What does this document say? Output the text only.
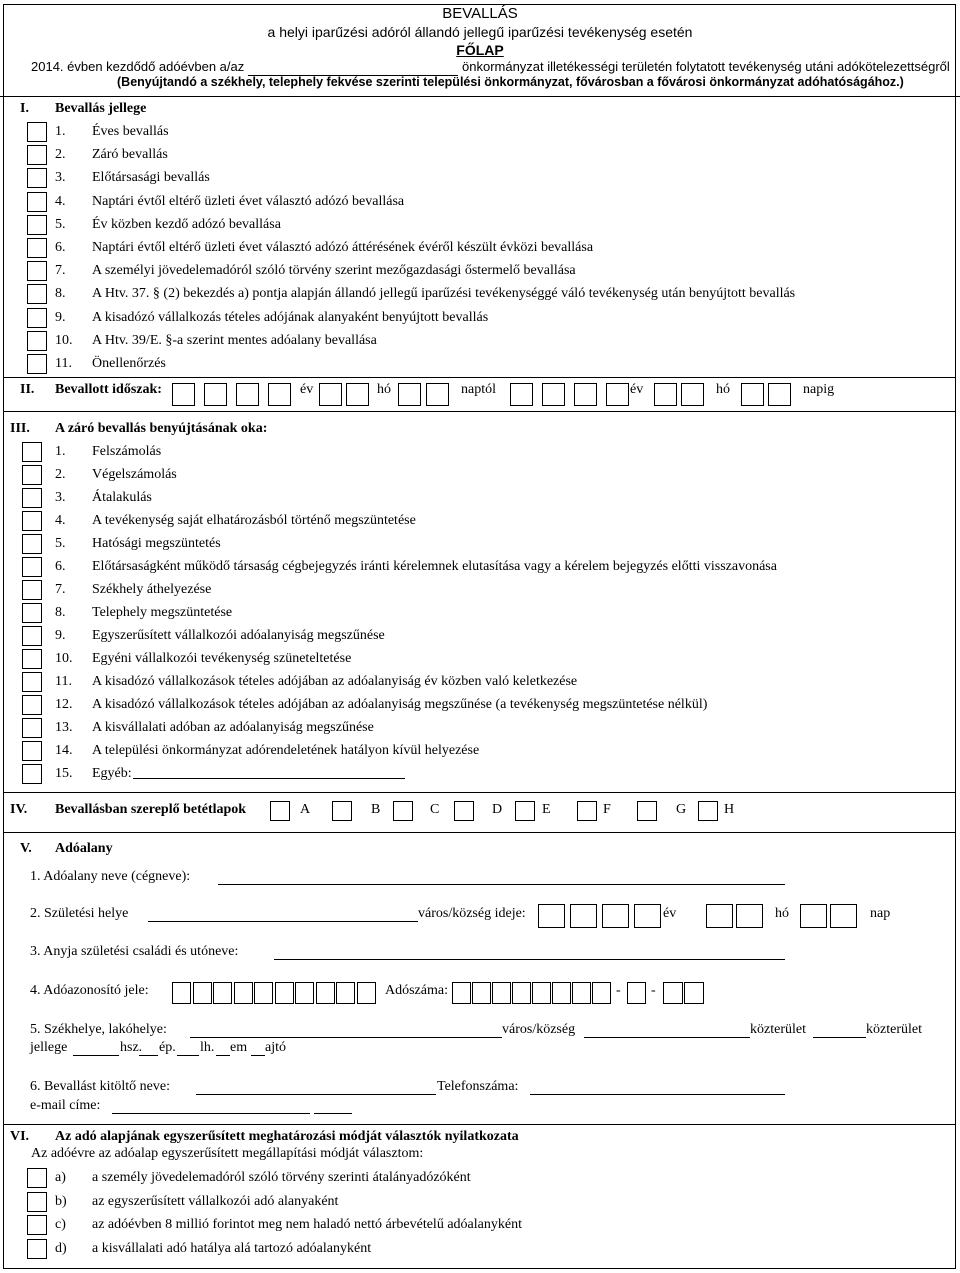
BEVALLÁS
a helyi iparűzési adóról állandó jellegű iparűzési tevékenység esetén
FŐLAP
2014. évben kezdődő adóévben a/az	önkormányzat illetékességi területén folytatott tevékenység utáni adókötelezettségről
(Benyújtandó a székhely, telephely fekvése szerinti települési önkormányzat, fővárosban a fővárosi önkormányzat adóhatóságához.)
I. Bevallás jellege
1. Éves bevallás
2. Záró bevallás
3. Előtársasági bevallás
4. Naptári évtől eltérő üzleti évet választó adózó bevallása
5. Év közben kezdő adózó bevallása
6. Naptári évtől eltérő üzleti évet választó adózó áttérésének évéről készült évközi bevallása
7. A személyi jövedelemadóról szóló törvény szerint mezőgazdasági őstermelő bevallása
8. A Htv. 37. § (2) bekezdés a) pontja alapján állandó jellegű iparűzési tevékenységgé váló tevékenység után benyújtott bevallás
9. A kisadózó vállalkozás tételes adójának alanyaként benyújtott bevallás
10. A Htv. 39/E. §-a szerint mentes adóalany bevallása
11. Önellenőrzés
II. Bevallott időszak:	év	hó	naptól	év	hó	napig
III. A záró bevallás benyújtásának oka:
1. Felszámolás
2. Végelszámolás
3. Átalakulás
4. A tevékenység saját elhatározásból történő megszüntetése
5. Hatósági megszüntetés
6. Előtársaságként működő társaság cégbejegyzés iránti kérelemnek elutasítása vagy a kérelem bejegyzés előtti visszavonása
7. Székhely áthelyezése
8. Telephely megszüntetése
9. Egyszerűsített vállalkozói adóalanyiság megszűnése
10. Egyéni vállalkozói tevékenység szüneteltetése
11. A kisadózó vállalkozások tételes adójában az adóalanyiság év közben való keletkezése
12. A kisadózó vállalkozások tételes adójában az adóalanyiság megszűnése (a tevékenység megszüntetése nélkül)
13. A kisvállalati adóban az adóalanyiság megszűnése
14. A települési önkormányzat adórendeletének hatályon kívül helyezése
15. Egyéb:
IV. Bevallásban szereplő betétlapok	A	B	C	D	E	F	G	H
V. Adóalany
1. Adóalany neve (cégneve):
2. Születési helye	város/község ideje:	év	hó	nap
3. Anyja születési családi és utóneve:
4. Adóazonosító jele:	Adószáma:	- -
5. Székhelye, lakóhelye:	város/község	közterület	közterület
jellege	hsz. ép. lh. em ajtó
6. Bevallást kitöltő neve:	Telefonszáma:
e-mail címe:
VI. Az adó alapjának egyszerűsített meghatározási módját választók nyilatkozata
Az adóévre az adóalap egyszerűsített megállapítási módját választom:
a) a személy jövedelemadóról szóló törvény szerinti átalányadózóként
b) az egyszerűsített vállalkozói adó alanyaként
c) az adóévben 8 millió forintot meg nem haladó nettó árbevételű adóalanyként
d) a kisvállalati adó hatálya alá tartozó adóalanyként
